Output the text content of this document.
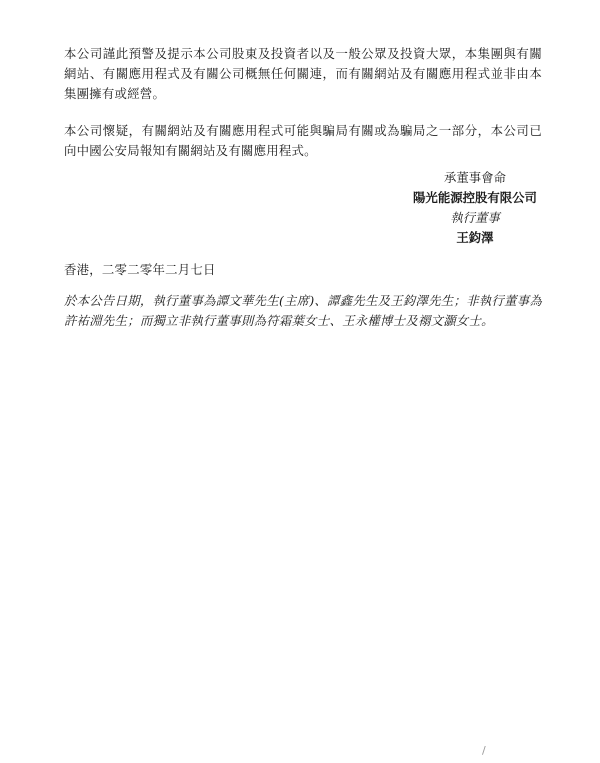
本公司謹此預警及提示本公司股東及投資者以及一般公眾及投資大眾，本集團與有關網站、有關應用程式及有關公司概無任何關連，而有關網站及有關應用程式並非由本集團擁有或經營。

本公司懷疑，有關網站及有關應用程式可能與騙局有關或為騙局之一部分，本公司已向中國公安局報知有關網站及有關應用程式。

承董事會命
陽光能源控股有限公司
執行董事
王鈞澤

香港，二零二零年二月七日

於本公告日期，執行董事為譚文華先生(主席)、譚鑫先生及王鈞澤先生；非執行董事為許祐淵先生；而獨立非執行董事則為符霜葉女士、王永權博士及禤文灝女士。

/
